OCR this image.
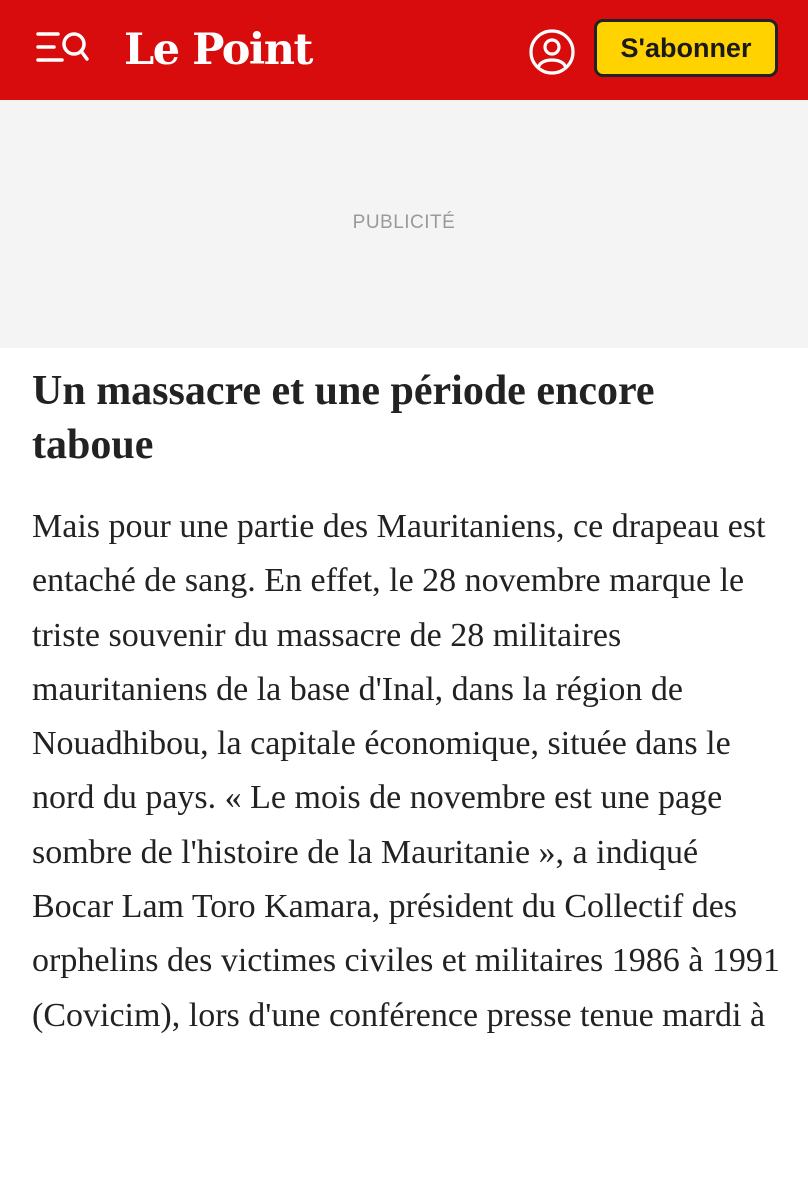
Le Point	S'abonner
PUBLICITÉ
Un massacre et une période encore taboue

Mais pour une partie des Mauritaniens, ce drapeau est entaché de sang. En effet, le 28 novembre marque le triste souvenir du massacre de 28 militaires mauritaniens de la base d'Inal, dans la région de Nouadhibou, la capitale économique, située dans le nord du pays. « Le mois de novembre est une page sombre de l'histoire de la Mauritanie », a indiqué Bocar Lam Toro Kamara, président du Collectif des orphelins des victimes civiles et militaires 1986 à 1991 (Covicim), lors d'une conférence presse tenue mardi à
